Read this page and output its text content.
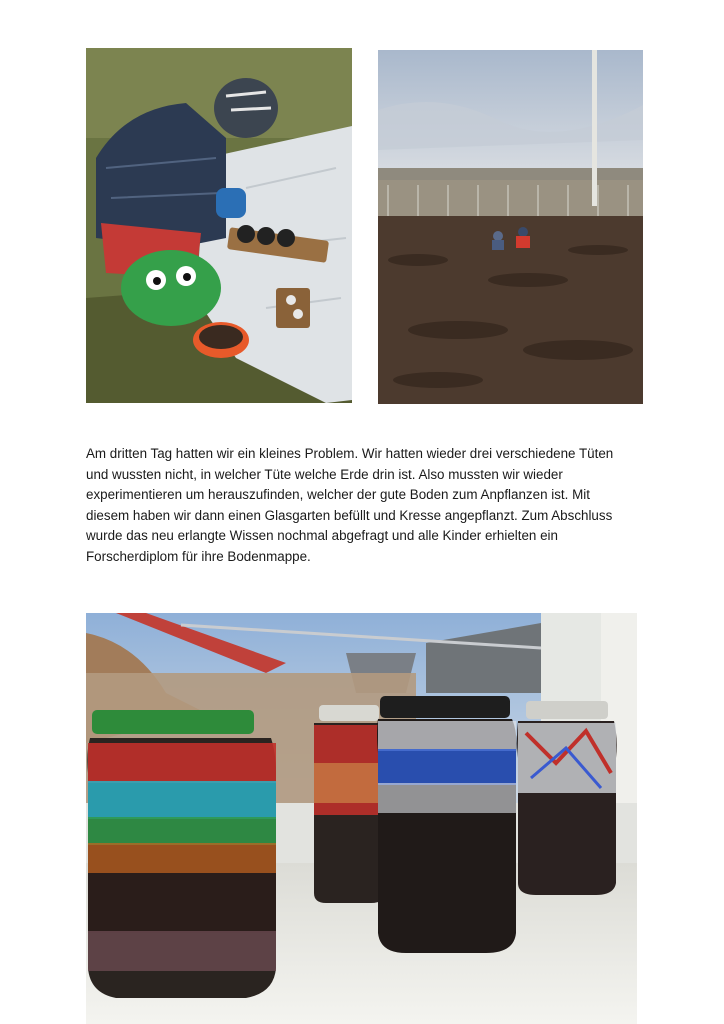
Am dritten Tag hatten wir ein kleines Problem. Wir hatten wieder drei verschiedene Tüten
und wussten nicht, in welcher Tüte welche Erde drin ist. Also mussten wir wieder
experimentieren um herauszufinden, welcher der gute Boden zum Anpflanzen ist. Mit
diesem haben wir dann einen Glasgarten befüllt und Kresse angepflanzt. Zum Abschluss
wurde das neu erlangte Wissen nochmal abgefragt und alle Kinder erhielten ein
Forscherdiplom für ihre Bodenmappe.
